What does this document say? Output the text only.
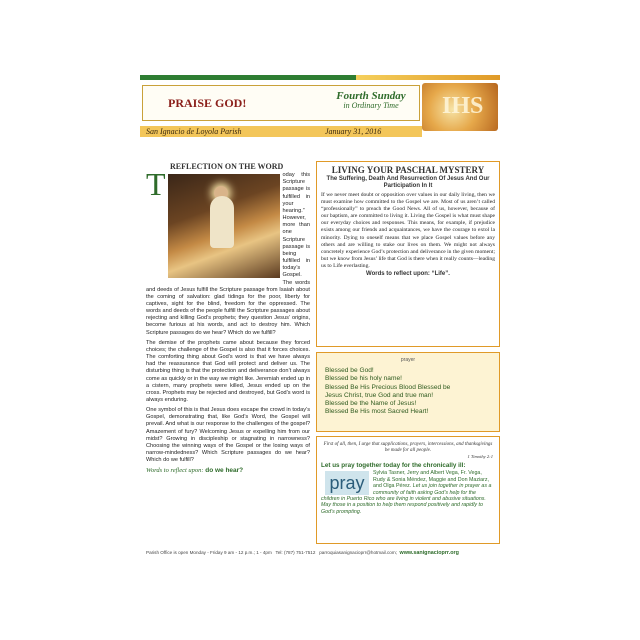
PRAISE GOD!	Fourth Sunday
in Ordinary Time	IHS
San Ignacio de Loyola Parish	January 31, 2016
REFLECTION ON THE WORD
T	oday this Scripture passage is fulfilled in your hearing.” However, more than one Scripture passage is being fulfilled in today’s Gospel. The words and deeds of Jesus fulfill the Scripture passage from Isaiah about the coming of salvation: glad tidings for the poor, liberty for captives, sight for the blind, freedom for the oppressed. The words and deeds of the people fulfill the Scripture passages about rejecting and killing God’s prophets; they question Jesus’ origins, become furious at his words, and act to destroy him. Which Scripture passages do we hear? Which do we fulfill?
The demise of the prophets came about because they forced choices; the challenge of the Gospel is also that it forces choices. The comforting thing about God’s word is that we have always had the reassurance that God will protect and deliver us. The disturbing thing is that the protection and deliverance don’t always come as quickly or in the way we might like. Jeremiah ended up in a cistern, many prophets were killed, Jesus ended up on the cross. Prophets may be rejected and destroyed, but God’s word is always enduring.
One symbol of this is that Jesus does escape the crowd in today’s Gospel, demonstrating that, like God’s Word, the Gospel will prevail. And what is our response to the challenges of the gospel? Amazement of fury? Welcoming Jesus or expelling him from our midst? Growing in discipleship or stagnating in narrowness? Choosing the winning ways of the Gospel or the losing ways of narrow-mindedness? Which Scripture passages do we hear? Which do we fulfill?
Words to reflect upon: do we hear?
LIVING YOUR PASCHAL MYSTERY
The Suffering, Death And Resurrection Of Jesus And Our Participation In It

If we never meet doubt or opposition over values in our daily living, then we must examine how committed to the Gospel we are. Most of us aren’t called “professionally” to preach the Good News. All of us, however, because of our baptism, are committed to living it. Living the Gospel is what must shape our everyday choices and responses. This means, for example, if prejudice exists among our friends and acquaintances, we have the courage to extol la minority. Dying to oneself means that we place Gospel values before any others and are willing to stake our lives on them. We might not always concretely experience God’s protection and deliverance in the given moment; but we know from Jesus’ life that God is there when it really counts—leading us to Life everlasting.

Words to reflect upon: “Life”.
prayer
Blessed be God!
Blessed be his holy name!
Blessed Be His Precious Blood Blessed be
Jesus Christ, true God and true man!
Blessed be the Name of Jesus!
Blessed Be His most Sacred Heart!
First of all, then, I urge that supplications, prayers, intercessions, and thanksgivings be made for all people.
1 Timothy 2:1
Let us pray together today for the chronically ill:
pray	Sylvia Tasner, Jerry and Albert Vega, Fr. Vega, Rudy & Sonia Méndez, Maggie and Don Maziarz, and Olga Pérez. Let us join together in prayer as a community of faith asking God’s help for the children in Puerto Rico who are living in violent and abusive situations. May those in a position to help them respond positively and rapidly to God’s prompting.
Parish Office is open Monday - Friday 9 am - 12 p.m.; 1 - 4pm Tel: (787) 751-7512 parroquiasanignacioprr@hotmail.com; www.sanignacioprr.org
